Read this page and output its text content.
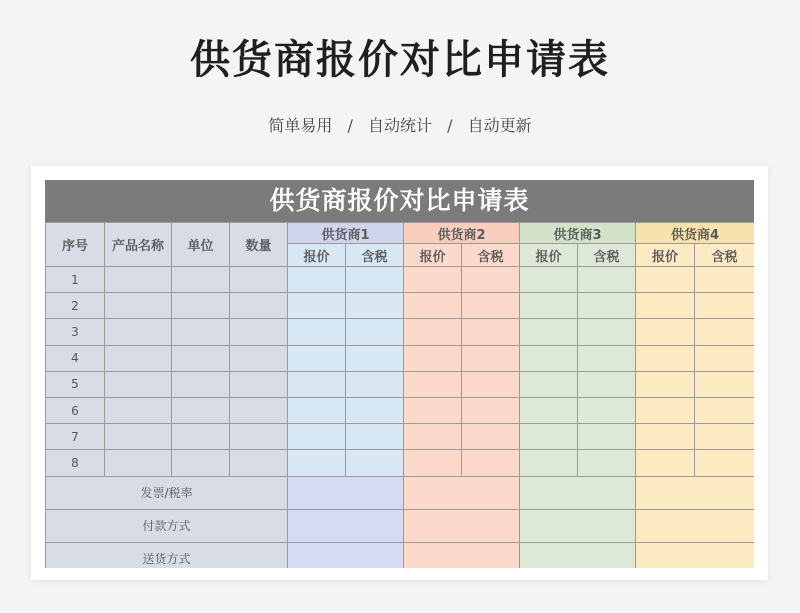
供货商报价对比申请表
简单易用 / 自动统计 / 自动更新
供货商报价对比申请表
序号	产品名称	单位	数量	供货商1		供货商2		供货商3		供货商4	
				报价	含税	报价	含税	报价	含税	报价	含税
1											
2											
3											
4											
5											
6											
7											
8											
发票/税率											
付款方式											
送货方式											
